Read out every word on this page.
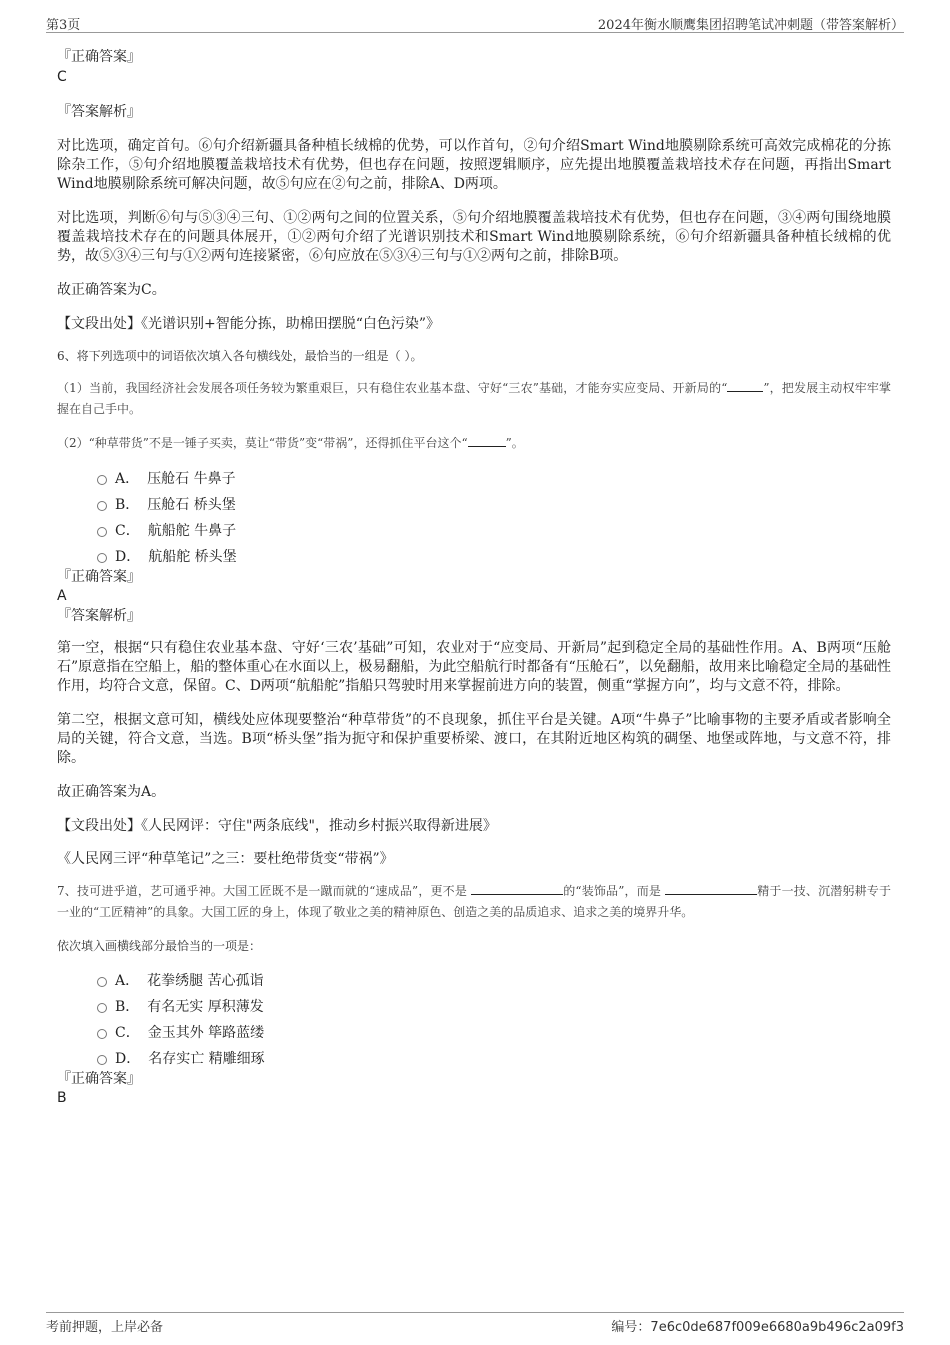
第3页	2024年衡水顺鹰集团招聘笔试冲刺题（带答案解析）

『正确答案』

C

『答案解析』

对比选项，确定首句。⑥句介绍新疆具备种植长绒棉的优势，可以作首句，②句介绍Smart Wind地膜剔除系统可高效完成棉花的分拣除杂工作，⑤句介绍地膜覆盖栽培技术有优势，但也存在问题，按照逻辑顺序，应先提出地膜覆盖栽培技术存在问题，再指出Smart Wind地膜剔除系统可解决问题，故⑤句应在②句之前，排除A、D两项。

对比选项，判断⑥句与⑤③④三句、①②两句之间的位置关系，⑤句介绍地膜覆盖栽培技术有优势，但也存在问题，③④两句围绕地膜覆盖栽培技术存在的问题具体展开，①②两句介绍了光谱识别技术和Smart Wind地膜剔除系统，⑥句介绍新疆具备种植长绒棉的优势，故⑤③④三句与①②两句连接紧密，⑥句应放在⑤③④三句与①②两句之前，排除B项。

故正确答案为C。

【文段出处】《光谱识别+智能分拣，助棉田摆脱“白色污染”》

6、将下列选项中的词语依次填入各句横线处，最恰当的一组是（ ）。

（1）当前，我国经济社会发展各项任务较为繁重艰巨，只有稳住农业基本盘、守好“三农”基础，才能夯实应变局、开新局的“	”，把发展主动权牢牢掌握在自己手中。

（2）“种草带货”不是一锤子买卖，莫让“带货”变“带祸”，还得抓住平台这个“	”。

A． 压舱石 牛鼻子
B． 压舱石 桥头堡
C． 航船舵 牛鼻子
D． 航船舵 桥头堡

『正确答案』

A

『答案解析』

第一空，根据“只有稳住农业基本盘、守好‘三农’基础”可知，农业对于“应变局、开新局”起到稳定全局的基础性作用。A、B两项“压舱石”原意指在空船上，船的整体重心在水面以上，极易翻船，为此空船航行时都备有“压舱石”，以免翻船，故用来比喻稳定全局的基础性作用，均符合文意，保留。C、D两项“航船舵”指船只驾驶时用来掌握前进方向的装置，侧重“掌握方向”，均与文意不符，排除。

第二空，根据文意可知，横线处应体现要整治“种草带货”的不良现象，抓住平台是关键。A项“牛鼻子”比喻事物的主要矛盾或者影响全局的关键，符合文意，当选。B项“桥头堡”指为扼守和保护重要桥梁、渡口，在其附近地区构筑的碉堡、地堡或阵地，与文意不符，排除。

故正确答案为A。

【文段出处】《人民网评：守住"两条底线"，推动乡村振兴取得新进展》

《人民网三评“种草笔记”之三：要杜绝带货变“带祸”》

7、技可进乎道，艺可通乎神。大国工匠既不是一蹴而就的“速成品”，更不是	的“装饰品”，而是	精于一技、沉潜躬耕专于一业的“工匠精神”的具象。大国工匠的身上，体现了敬业之美的精神原色、创造之美的品质追求、追求之美的境界升华。

依次填入画横线部分最恰当的一项是：

A． 花拳绣腿 苦心孤诣
B． 有名无实 厚积薄发
C． 金玉其外 筚路蓝缕
D． 名存实亡 精雕细琢

『正确答案』

B

考前押题，上岸必备	编号：7e6c0de687f009e6680a9b496c2a09f3
